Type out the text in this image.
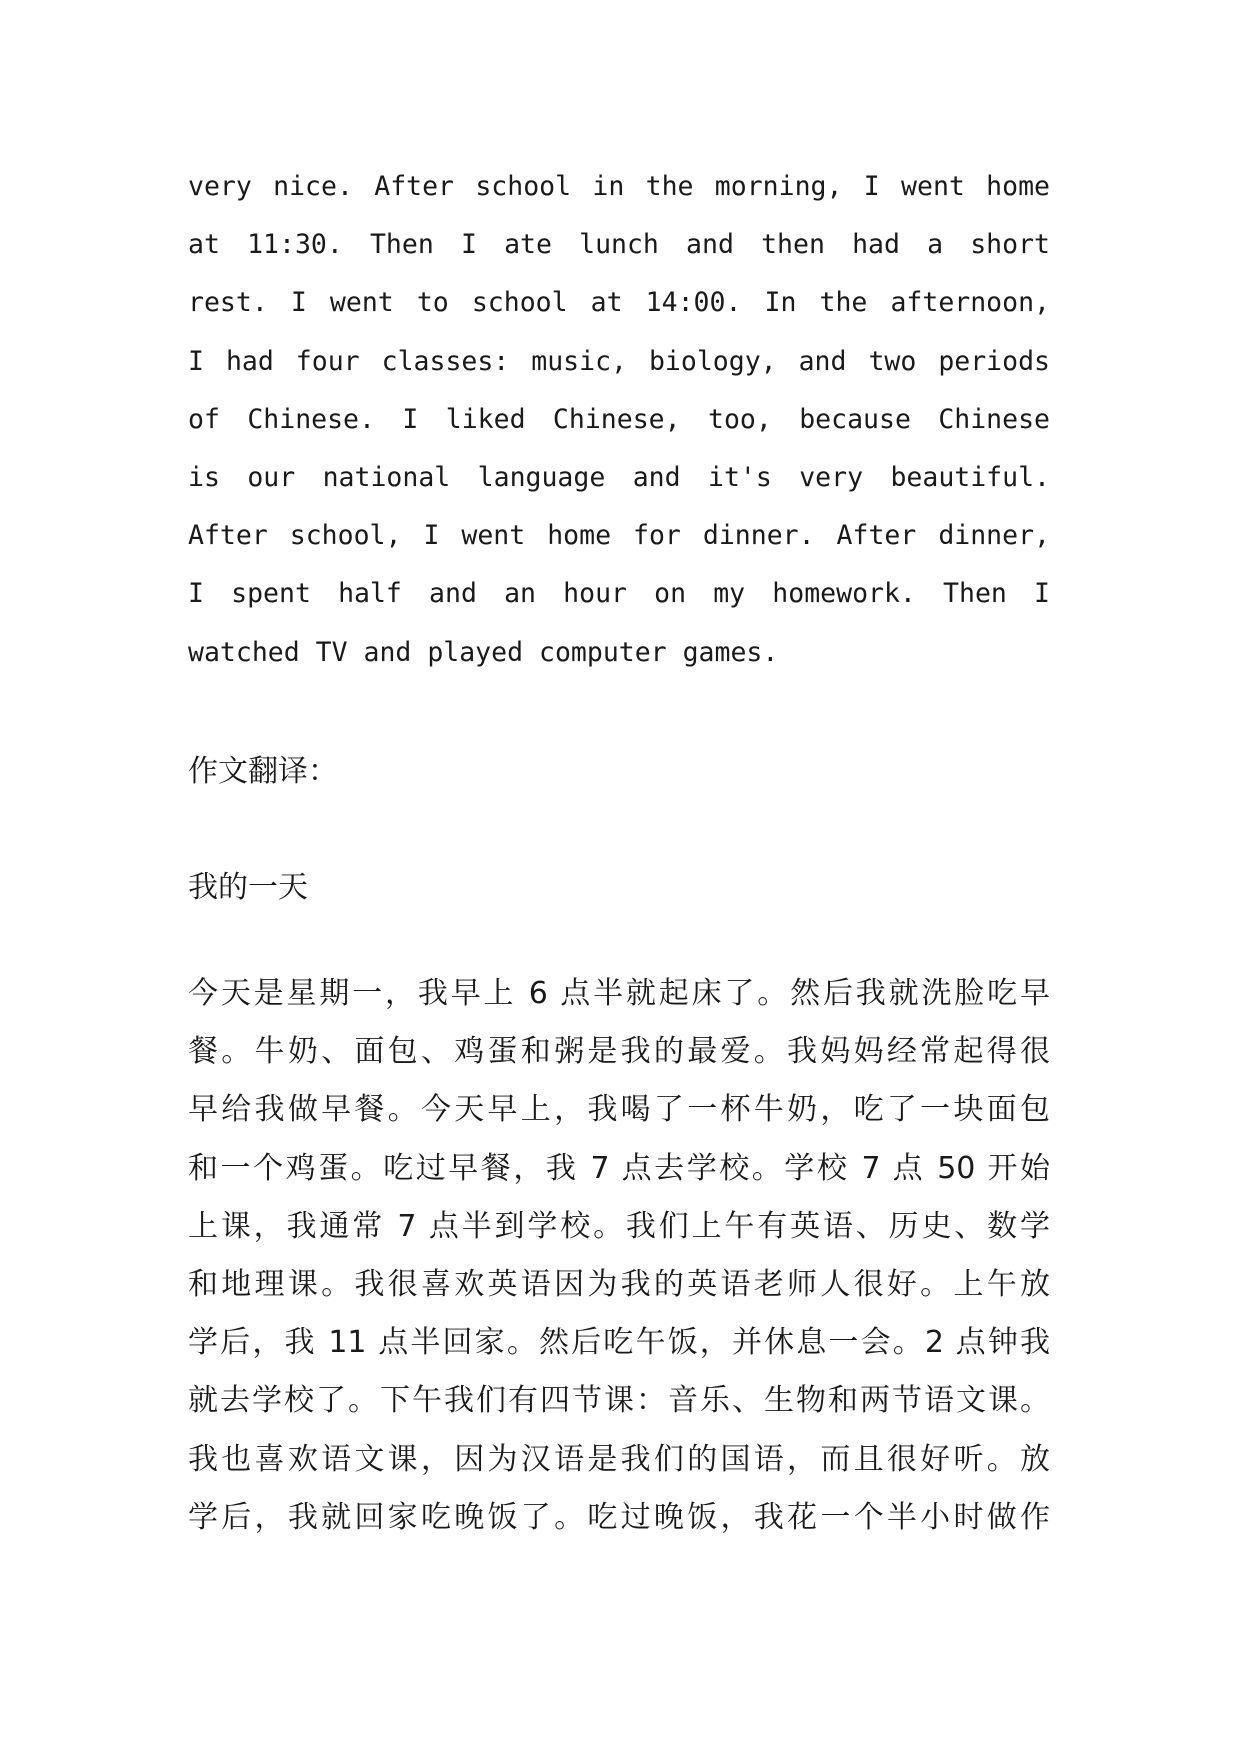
very nice. After school in the morning, I went home
at 11:30. Then I ate lunch and then had a short
rest. I went to school at 14:00. In the afternoon,
I had four classes: music, biology, and two periods
of Chinese. I liked Chinese, too, because Chinese
is our national language and it's very beautiful.
After school, I went home for dinner. After dinner,
I spent half and an hour on my homework. Then I
watched TV and played computer games.
作文翻译：
我的一天
今天是星期一，我早上 6 点半就起床了。然后我就洗脸吃早
餐。牛奶、面包、鸡蛋和粥是我的最爱。我妈妈经常起得很
早给我做早餐。今天早上，我喝了一杯牛奶，吃了一块面包
和一个鸡蛋。吃过早餐，我 7 点去学校。学校 7 点 50 开始
上课，我通常 7 点半到学校。我们上午有英语、历史、数学
和地理课。我很喜欢英语因为我的英语老师人很好。上午放
学后，我 11 点半回家。然后吃午饭，并休息一会。2 点钟我
就去学校了。下午我们有四节课：音乐、生物和两节语文课。
我也喜欢语文课，因为汉语是我们的国语，而且很好听。放
学后，我就回家吃晚饭了。吃过晚饭，我花一个半小时做作
